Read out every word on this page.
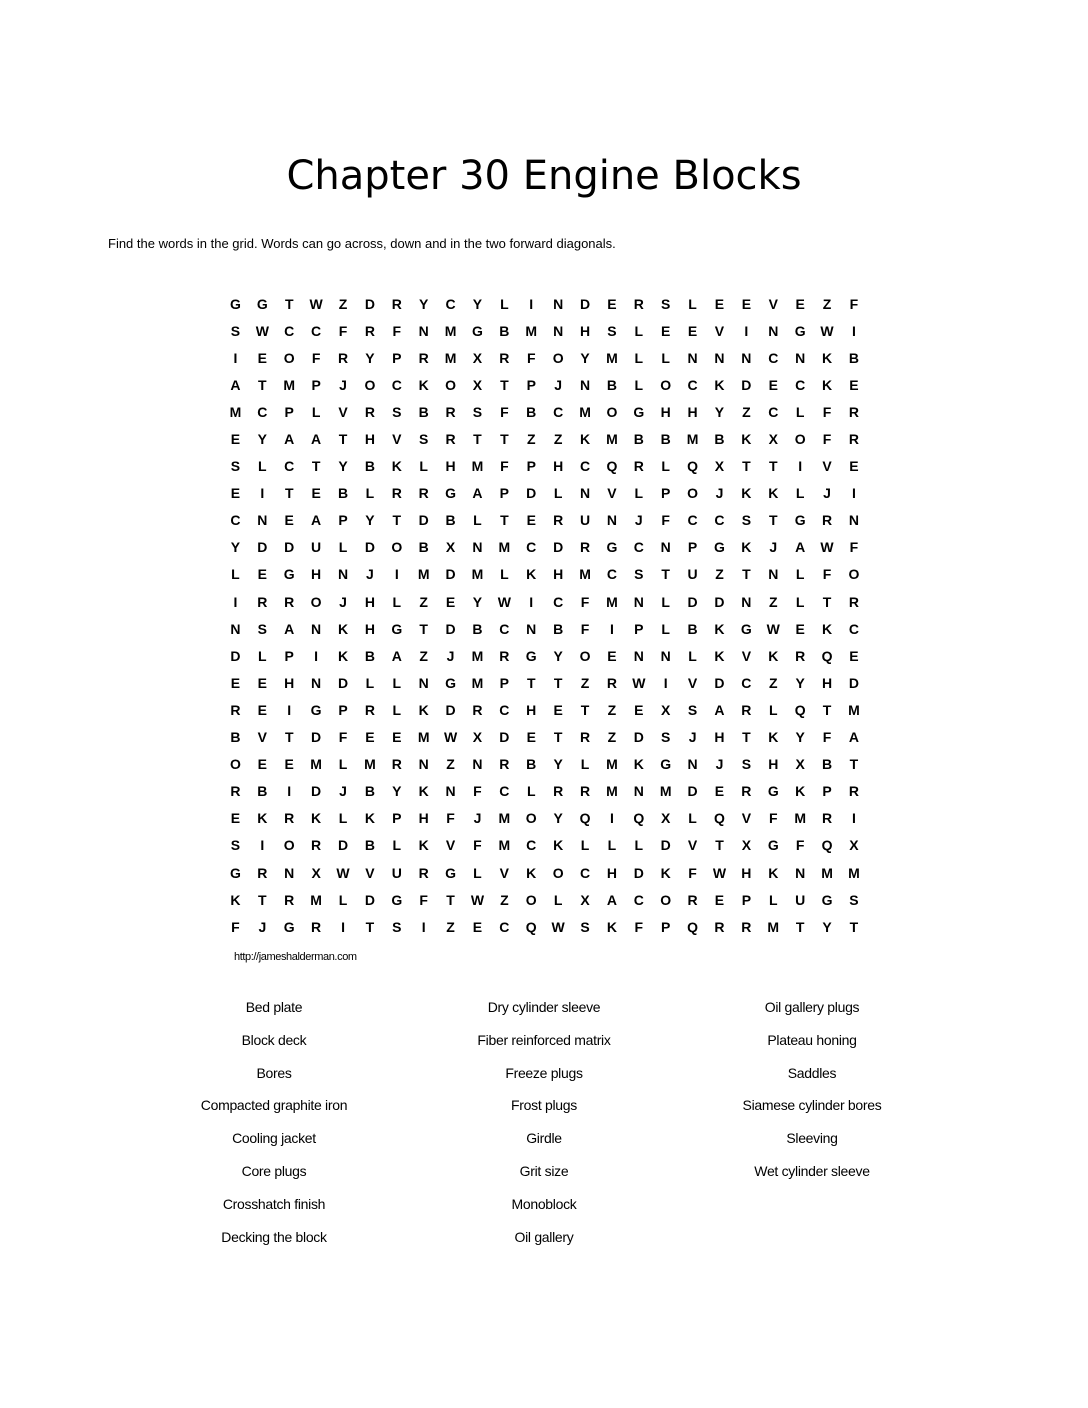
Chapter 30 Engine Blocks
Find the words in the grid. Words can go across, down and in the two forward diagonals.
G	G	T	W	Z	D	R	Y	C	Y	L	I	N	D	E	R	S	L	E	E	V	E	Z	F
S	W	C	C	F	R	F	N	M	G	B	M	N	H	S	L	E	E	V	I	N	G	W	I
I	E	O	F	R	Y	P	R	M	X	R	F	O	Y	M	L	L	N	N	N	C	N	K	B
A	T	M	P	J	O	C	K	O	X	T	P	J	N	B	L	O	C	K	D	E	C	K	E
M	C	P	L	V	R	S	B	R	S	F	B	C	M	O	G	H	H	Y	Z	C	L	F	R
E	Y	A	A	T	H	V	S	R	T	T	Z	Z	K	M	B	B	M	B	K	X	O	F	R
S	L	C	T	Y	B	K	L	H	M	F	P	H	C	Q	R	L	Q	X	T	T	I	V	E
E	I	T	E	B	L	R	R	G	A	P	D	L	N	V	L	P	O	J	K	K	L	J	I
C	N	E	A	P	Y	T	D	B	L	T	E	R	U	N	J	F	C	C	S	T	G	R	N
Y	D	D	U	L	D	O	B	X	N	M	C	D	R	G	C	N	P	G	K	J	A	W	F
L	E	G	H	N	J	I	M	D	M	L	K	H	M	C	S	T	U	Z	T	N	L	F	O
I	R	R	O	J	H	L	Z	E	Y	W	I	C	F	M	N	L	D	D	N	Z	L	T	R
N	S	A	N	K	H	G	T	D	B	C	N	B	F	I	P	L	B	K	G	W	E	K	C
D	L	P	I	K	B	A	Z	J	M	R	G	Y	O	E	N	N	L	K	V	K	R	Q	E
E	E	H	N	D	L	L	N	G	M	P	T	T	Z	R	W	I	V	D	C	Z	Y	H	D
R	E	I	G	P	R	L	K	D	R	C	H	E	T	Z	E	X	S	A	R	L	Q	T	M
B	V	T	D	F	E	E	M	W	X	D	E	T	R	Z	D	S	J	H	T	K	Y	F	A
O	E	E	M	L	M	R	N	Z	N	R	B	Y	L	M	K	G	N	J	S	H	X	B	T
R	B	I	D	J	B	Y	K	N	F	C	L	R	R	M	N	M	D	E	R	G	K	P	R
E	K	R	K	L	K	P	H	F	J	M	O	Y	Q	I	Q	X	L	Q	V	F	M	R	I
S	I	O	R	D	B	L	K	V	F	M	C	K	L	L	L	D	V	T	X	G	F	Q	X
G	R	N	X	W	V	U	R	G	L	V	K	O	C	H	D	K	F	W	H	K	N	M	M
K	T	R	M	L	D	G	F	T	W	Z	O	L	X	A	C	O	R	E	P	L	U	G	S
F	J	G	R	I	T	S	I	Z	E	C	Q	W	S	K	F	P	Q	R	R	M	T	Y	T
http://jameshalderman.com
Bed plate
Block deck
Bores
Compacted graphite iron
Cooling jacket
Core plugs
Crosshatch finish
Decking the block
Dry cylinder sleeve
Fiber reinforced matrix
Freeze plugs
Frost plugs
Girdle
Grit size
Monoblock
Oil gallery
Oil gallery plugs
Plateau honing
Saddles
Siamese cylinder bores
Sleeving
Wet cylinder sleeve
